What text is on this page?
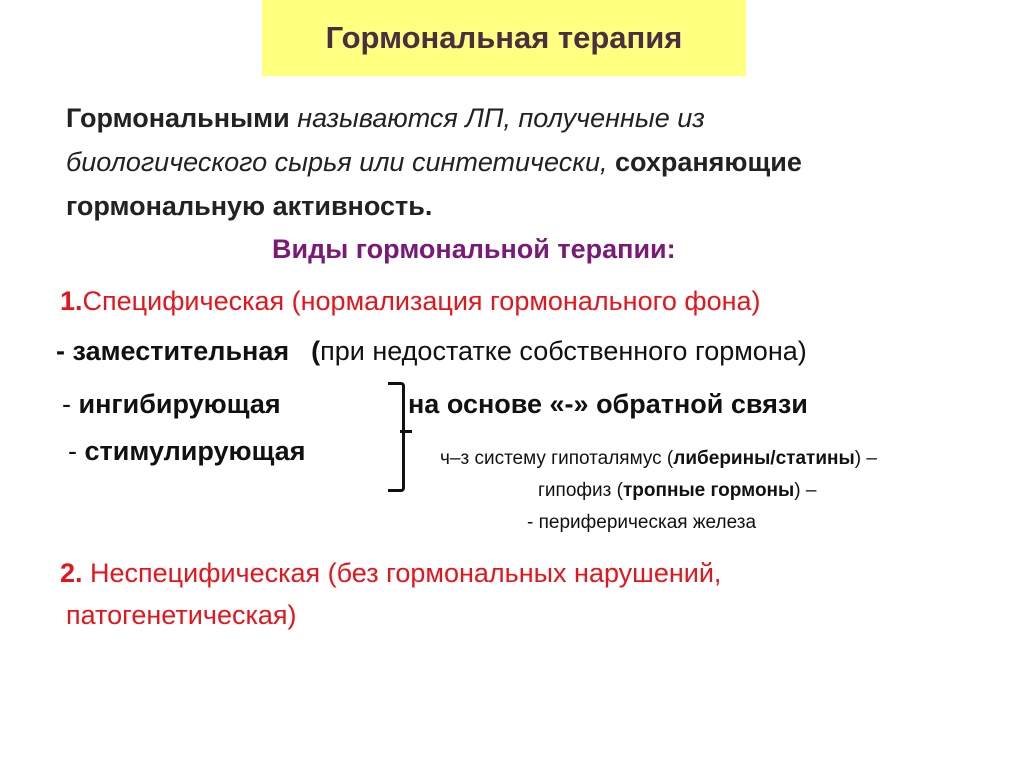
Гормональная терапия
Гормональными называются ЛП, полученные из
биологического сырья или синтетически, сохраняющие
гормональную активность.
Виды гормональной терапии:
1.Специфическая (нормализация гормонального фона)
- заместительная (при недостатке собственного гормона)
- ингибирующая	на основе «-» обратной связи
- стимулирующая	ч–з систему гипоталямус (либерины/статины) –
гипофиз (тропные гормоны) –
- периферическая железа
2. Неспецифическая (без гормональных нарушений,
патогенетическая)
